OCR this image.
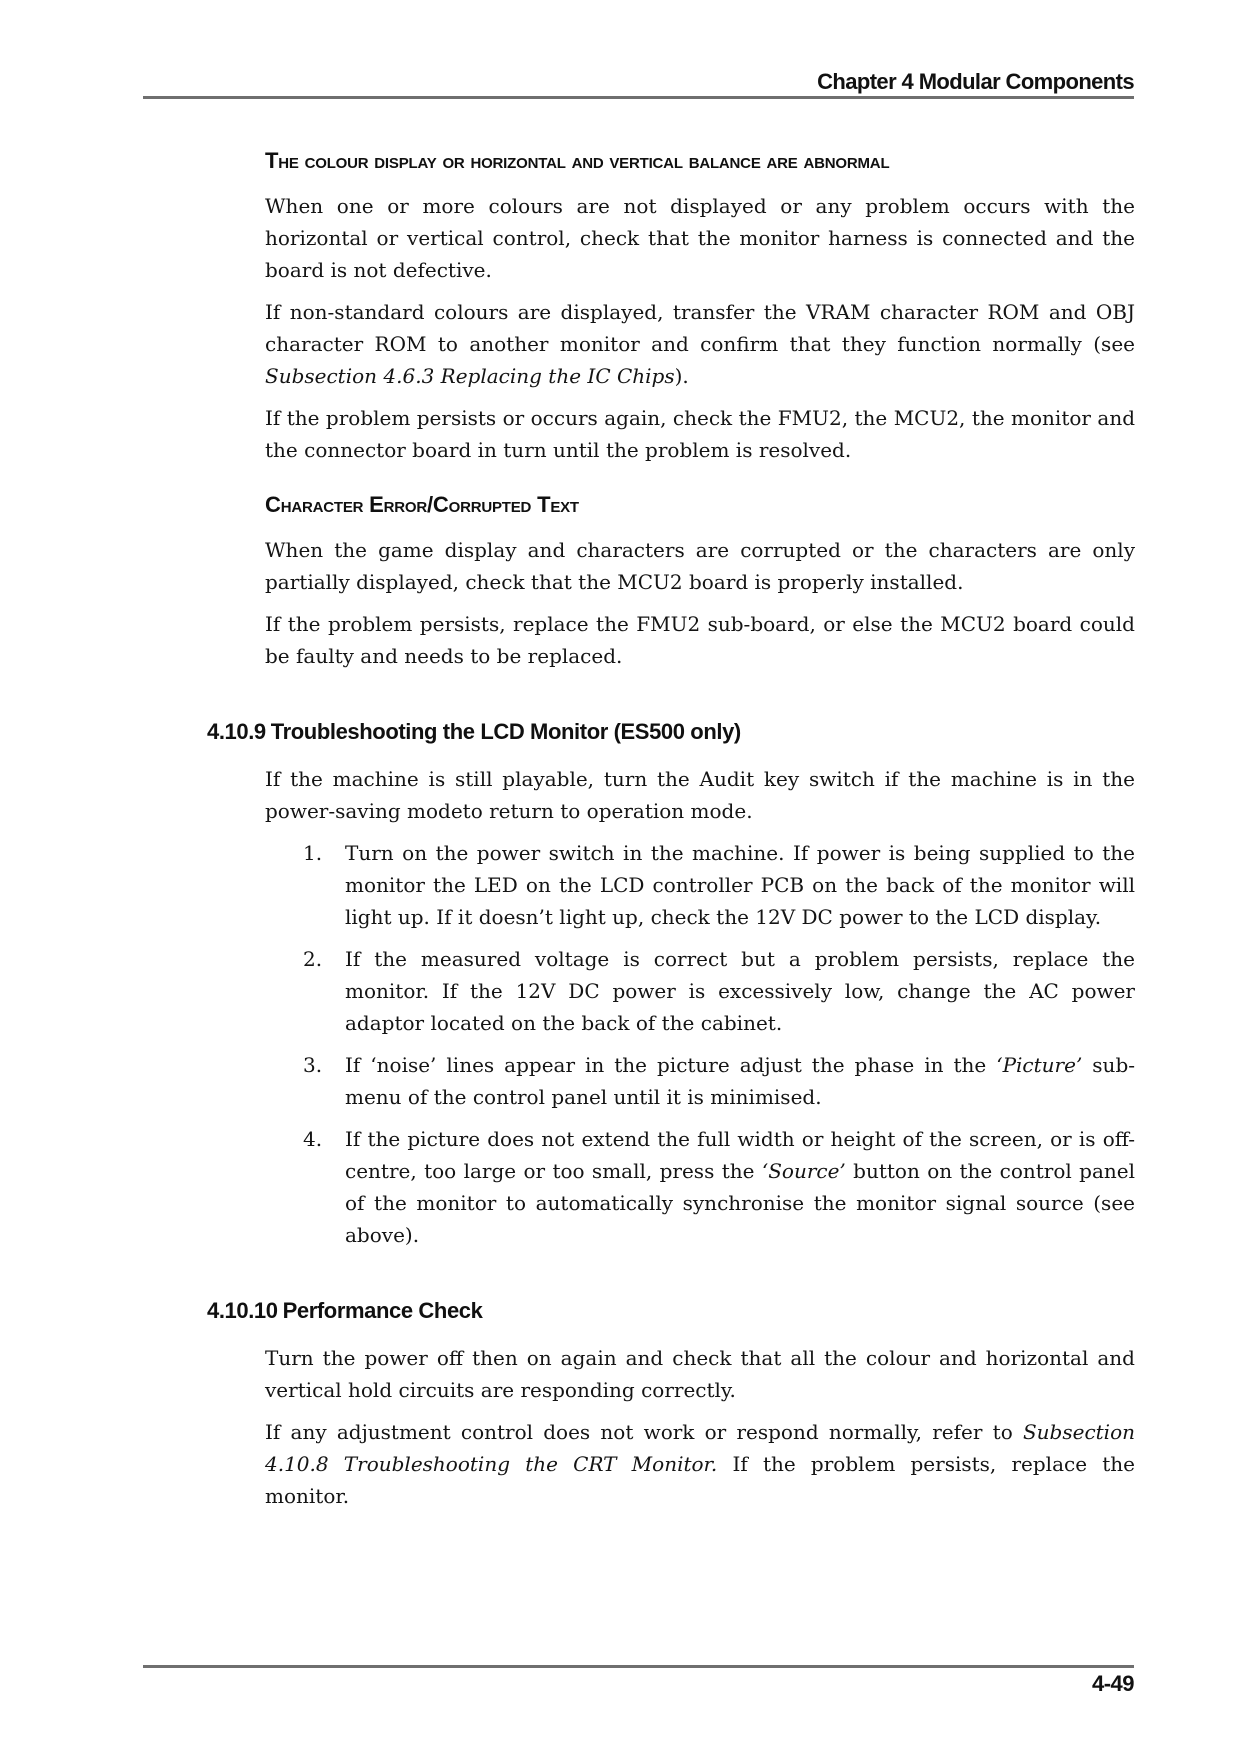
Chapter 4 Modular Components
The colour display or horizontal and vertical balance are abnormal

When one or more colours are not displayed or any problem occurs with the horizontal or vertical control, check that the monitor harness is connected and the board is not defective.

If non-standard colours are displayed, transfer the VRAM character ROM and OBJ character ROM to another monitor and confirm that they function normally (see Subsection 4.6.3 Replacing the IC Chips).

If the problem persists or occurs again, check the FMU2, the MCU2, the monitor and the connector board in turn until the problem is resolved.

Character Error/Corrupted Text

When the game display and characters are corrupted or the characters are only partially displayed, check that the MCU2 board is properly installed.

If the problem persists, replace the FMU2 sub-board, or else the MCU2 board could be faulty and needs to be replaced.

4.10.9 Troubleshooting the LCD Monitor (ES500 only)

If the machine is still playable, turn the Audit key switch if the machine is in the power-saving modeto return to operation mode.

1. Turn on the power switch in the machine. If power is being supplied to the monitor the LED on the LCD controller PCB on the back of the monitor will light up. If it doesn’t light up, check the 12V DC power to the LCD display.
2. If the measured voltage is correct but a problem persists, replace the monitor. If the 12V DC power is excessively low, change the AC power adaptor located on the back of the cabinet.
3. If ‘noise’ lines appear in the picture adjust the phase in the ‘Picture’ sub-menu of the control panel until it is minimised.
4. If the picture does not extend the full width or height of the screen, or is off-centre, too large or too small, press the ‘Source’ button on the control panel of the monitor to automatically synchronise the monitor signal source (see above).
4.10.10 Performance Check

Turn the power off then on again and check that all the colour and horizontal and vertical hold circuits are responding correctly.

If any adjustment control does not work or respond normally, refer to Subsection 4.10.8 Troubleshooting the CRT Monitor. If the problem persists, replace the monitor.

4-49
